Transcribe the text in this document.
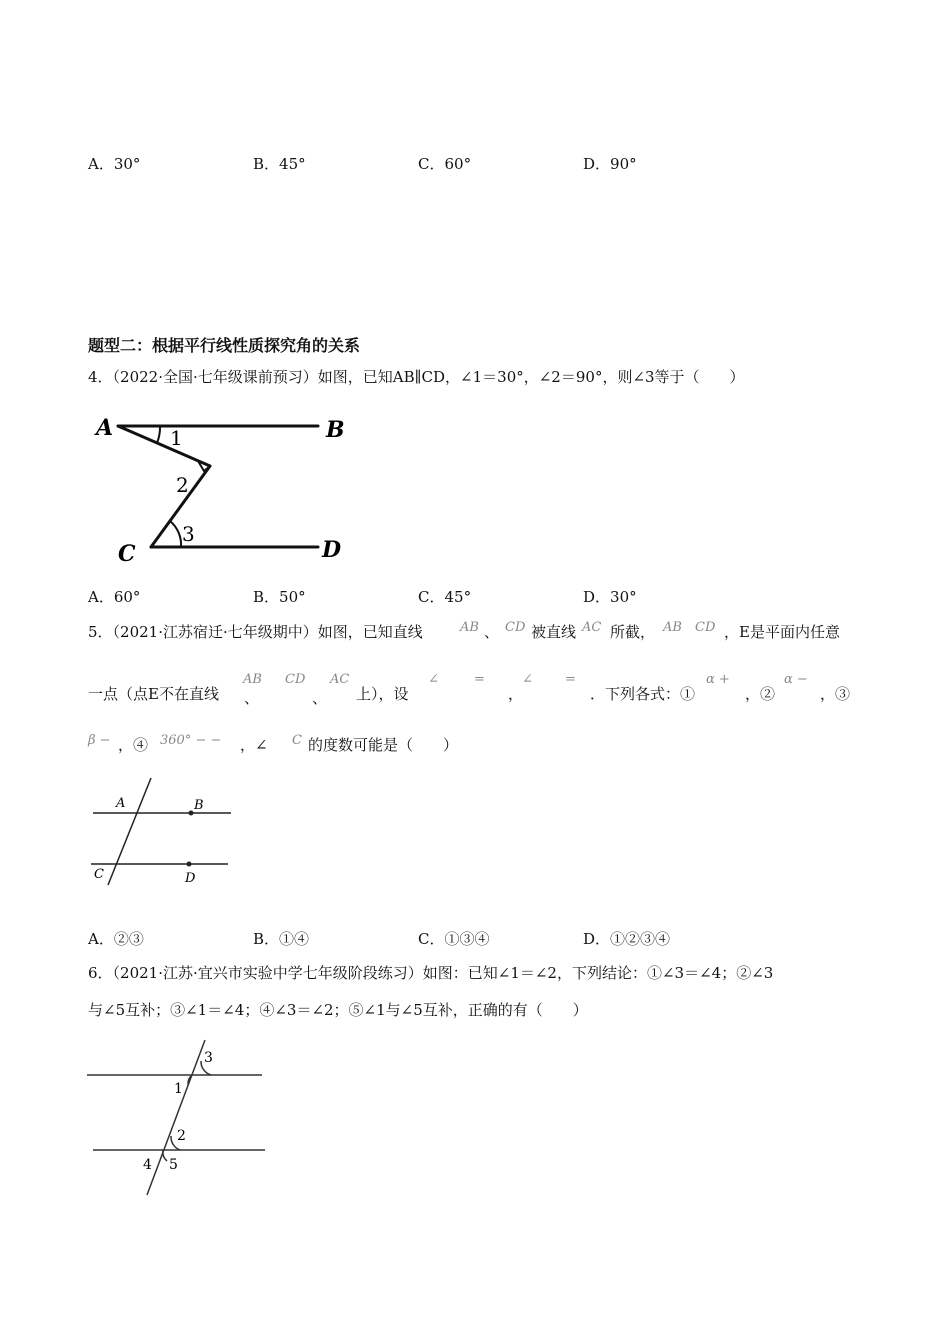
A．30°	B．45°	C．60°	D．90°
题型二：根据平行线性质探究角的关系
4．（2022·全国·七年级课前预习）如图，已知AB∥CD，∠1＝30°，∠2＝90°，则∠3等于（　　）
A	B
C	D
1
2
3
A．60°	B．50°	C．45°	D．30°
5．（2021·江苏宿迁·七年级期中）如图，已知直线	AB 、 CD 被直线 AC 所截， AB CD ，E是平面内任意
一点（点E不在直线
AB
、
CD
、
AC
上），设
∠	=
，
∠ =
．下列各式：①
α +
，②
α −
，③
β − ，④ 360° − − ，∠ C 的度数可能是（　　）
A	B
C	D
A．②③	B．①④	C．①③④	D．①②③④
6．（2021·江苏·宜兴市实验中学七年级阶段练习）如图：已知∠1＝∠2，下列结论：①∠3＝∠4；②∠3
与∠5互补；③∠1＝∠4；④∠3＝∠2；⑤∠1与∠5互补，正确的有（　　）
3
1
2
4 5
